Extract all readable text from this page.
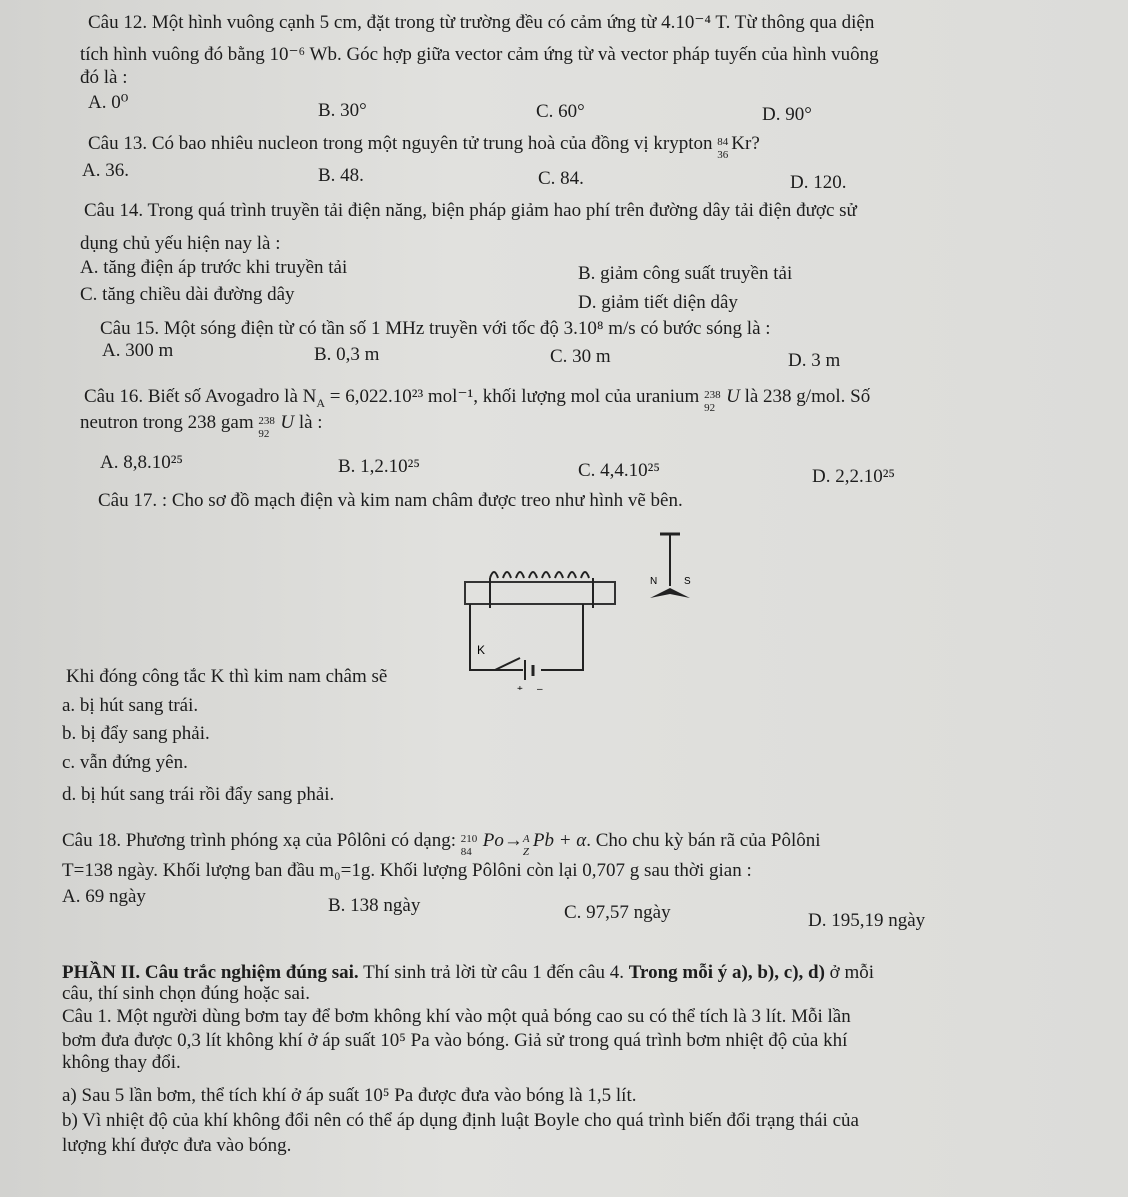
Câu 12. Một hình vuông cạnh 5 cm, đặt trong từ trường đều có cảm ứng từ 4.10⁻⁴ T. Từ thông qua diện
tích hình vuông đó bằng 10⁻⁶ Wb. Góc hợp giữa vector cảm ứng từ và vector pháp tuyến của hình vuông
đó là :
A. 0⁰	B. 30°	C. 60°	D. 90°
Câu 13. Có bao nhiêu nucleon trong một nguyên tử trung hoà của đồng vị krypton 84
36
Kr?
A. 36.	B. 48.	C. 84.	D. 120.
Câu 14. Trong quá trình truyền tải điện năng, biện pháp giảm hao phí trên đường dây tải điện được sử
dụng chủ yếu hiện nay là :
A. tăng điện áp trước khi truyền tải	B. giảm công suất truyền tải
C. tăng chiều dài đường dây	D. giảm tiết diện dây
Câu 15. Một sóng điện từ có tần số 1 MHz truyền với tốc độ 3.10⁸ m/s có bước sóng là :
A. 300 m	B. 0,3 m	C. 30 m	D. 3 m
Câu 16. Biết số Avogadro là $N_A = 6,022.10^{23}$ mol⁻¹, khối lượng mol của uranium 238
92
U là 238 g/mol. Số
neutron trong 238 gam 238
92
U là :
A. 8,8.10²⁵	B. 1,2.10²⁵	C. 4,4.10²⁵	D. 2,2.10²⁵
Câu 17. : Cho sơ đồ mạch điện và kim nam châm được treo như hình vẽ bên.
K
+ –
N	S
Khi đóng công tắc K thì kim nam châm sẽ
a. bị hút sang trái.
b. bị đẩy sang phải.
c. vẫn đứng yên.
d. bị hút sang trái rồi đẩy sang phải.
Câu 18. Phương trình phóng xạ của Pôlôni có dạng: 210
84
Po→ A
Z
Pb + α. Cho chu kỳ bán rã của Pôlôni
T=138 ngày. Khối lượng ban đầu m₀=1g. Khối lượng Pôlôni còn lại 0,707 g sau thời gian :
A. 69 ngày	B. 138 ngày	C. 97,57 ngày	D. 195,19 ngày
PHẦN II. Câu trắc nghiệm đúng sai. Thí sinh trả lời từ câu 1 đến câu 4. Trong mỗi ý a), b), c), d) ở mỗi
câu, thí sinh chọn đúng hoặc sai.
Câu 1. Một người dùng bơm tay để bơm không khí vào một quả bóng cao su có thể tích là 3 lít. Mỗi lần
bơm đưa được 0,3 lít không khí ở áp suất 10⁵ Pa vào bóng. Giả sử trong quá trình bơm nhiệt độ của khí
không thay đổi.
a) Sau 5 lần bơm, thể tích khí ở áp suất 10⁵ Pa được đưa vào bóng là 1,5 lít.
b) Vì nhiệt độ của khí không đổi nên có thể áp dụng định luật Boyle cho quá trình biến đổi trạng thái của
lượng khí được đưa vào bóng.
